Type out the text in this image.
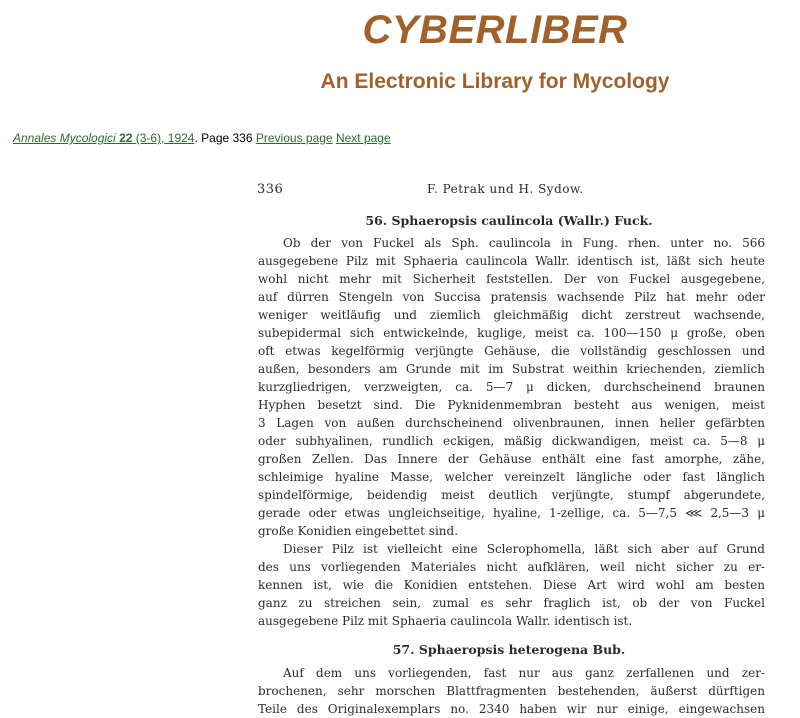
CYBERLIBER
An Electronic Library for Mycology
Annales Mycologici 22 (3-6), 1924. Page 336 Previous page Next page
336	F. Petrak und H. Sydow.
56. Sphaeropsis caulincola (Wallr.) Fuck.
Ob der von Fuckel als Sph. caulincola in Fung. rhen. unter no. 566
ausgegebene Pilz mit Sphaeria caulincola Wallr. identisch ist, läßt sich heute
wohl nicht mehr mit Sicherheit feststellen. Der von Fuckel ausgegebene,
auf dürren Stengeln von Succisa pratensis wachsende Pilz hat mehr oder
weniger weitläufig und ziemlich gleichmäßig dicht zerstreut wachsende,
subepidermal sich entwickelnde, kuglige, meist ca. 100—150 μ große, oben
oft etwas kegelförmig verjüngte Gehäuse, die vollständig geschlossen und
außen, besonders am Grunde mit im Substrat weithin kriechenden, ziemlich
kurzgliedrigen, verzweigten, ca. 5—7 μ dicken, durchscheinend braunen
Hyphen besetzt sind. Die Pyknidenmembran besteht aus wenigen, meist
3 Lagen von außen durchscheinend olivenbraunen, innen heller gefärbten
oder subhyalinen, rundlich eckigen, mäßig dickwandigen, meist ca. 5—8 μ
großen Zellen. Das Innere der Gehäuse enthält eine fast amorphe, zähe,
schleimige hyaline Masse, welcher vereinzelt längliche oder fast länglich
spindelförmige, beidendig meist deutlich verjüngte, stumpf abgerundete,
gerade oder etwas ungleichseitige, hyaline, 1-zellige, ca. 5—7,5 ⋘ 2,5—3 μ
große Konidien eingebettet sind.
Dieser Pilz ist vielleicht eine Sclerophomella, läßt sich aber auf Grund
des uns vorliegenden Materiales nicht aufklären, weil nicht sicher zu er-
kennen ist, wie die Konidien entstehen. Diese Art wird wohl am besten
ganz zu streichen sein, zumal es sehr fraglich ist, ob der von Fuckel
ausgegebene Pilz mit Sphaeria caulincola Wallr. identisch ist.
57. Sphaeropsis heterogena Bub.
Auf dem uns vorliegenden, fast nur aus ganz zerfallenen und zer-
brochenen, sehr morschen Blattfragmenten bestehenden, äußerst dürftigen
Teile des Originalexemplars no. 2340 haben wir nur einige, eingewachsen
